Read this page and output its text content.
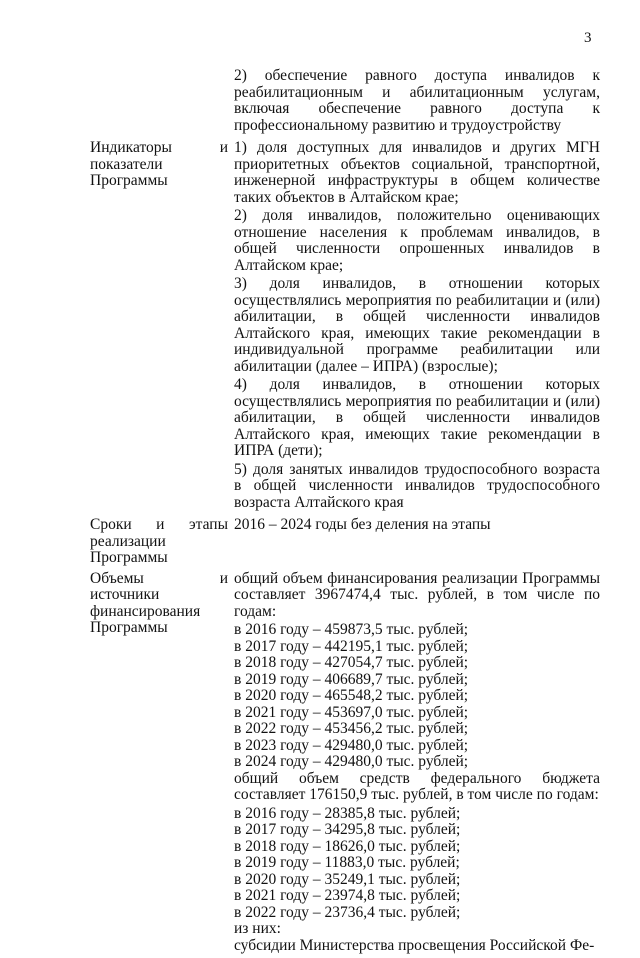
3

2) обеспечение равного доступа инвалидов к реабилитационным и абилитационным услугам, включая обеспечение равного доступа к профессиональному развитию и трудоустройству

Индикаторы и показатели Программы

1) доля доступных для инвалидов и других МГН приоритетных объектов социальной, транспортной, инженерной инфраструктуры в общем количестве таких объектов в Алтайском крае;

2) доля инвалидов, положительно оценивающих отношение населения к проблемам инвалидов, в общей численности опрошенных инвалидов в Алтайском крае;

3) доля инвалидов, в отношении которых осуществлялись мероприятия по реабилитации и (или) абилитации, в общей численности инвалидов Алтайского края, имеющих такие рекомендации в индивидуальной программе реабилитации или абилитации (далее – ИПРА) (взрослые);

4) доля инвалидов, в отношении которых осуществлялись мероприятия по реабилитации и (или) абилитации, в общей численности инвалидов Алтайского края, имеющих такие рекомендации в ИПРА (дети);

5) доля занятых инвалидов трудоспособного возраста в общей численности инвалидов трудоспособного возраста Алтайского края

Сроки и этапы реализации Программы

2016 – 2024 годы без деления на этапы

Объемы и источники финансирования Программы

общий объем финансирования реализации Программы составляет 3967474,4 тыс. рублей, в том числе по годам:

в 2016 году – 459873,5 тыс. рублей;

в 2017 году – 442195,1 тыс. рублей;

в 2018 году – 427054,7 тыс. рублей;

в 2019 году – 406689,7 тыс. рублей;

в 2020 году – 465548,2 тыс. рублей;

в 2021 году – 453697,0 тыс. рублей;

в 2022 году – 453456,2 тыс. рублей;

в 2023 году – 429480,0 тыс. рублей;

в 2024 году – 429480,0 тыс. рублей;

общий объем средств федерального бюджета составляет 176150,9 тыс. рублей, в том числе по годам:

в 2016 году – 28385,8 тыс. рублей;

в 2017 году – 34295,8 тыс. рублей;

в 2018 году – 18626,0 тыс. рублей;

в 2019 году – 11883,0 тыс. рублей;

в 2020 году – 35249,1 тыс. рублей;

в 2021 году – 23974,8 тыс. рублей;

в 2022 году – 23736,4 тыс. рублей;

из них:

субсидии Министерства просвещения Российской Фе-
